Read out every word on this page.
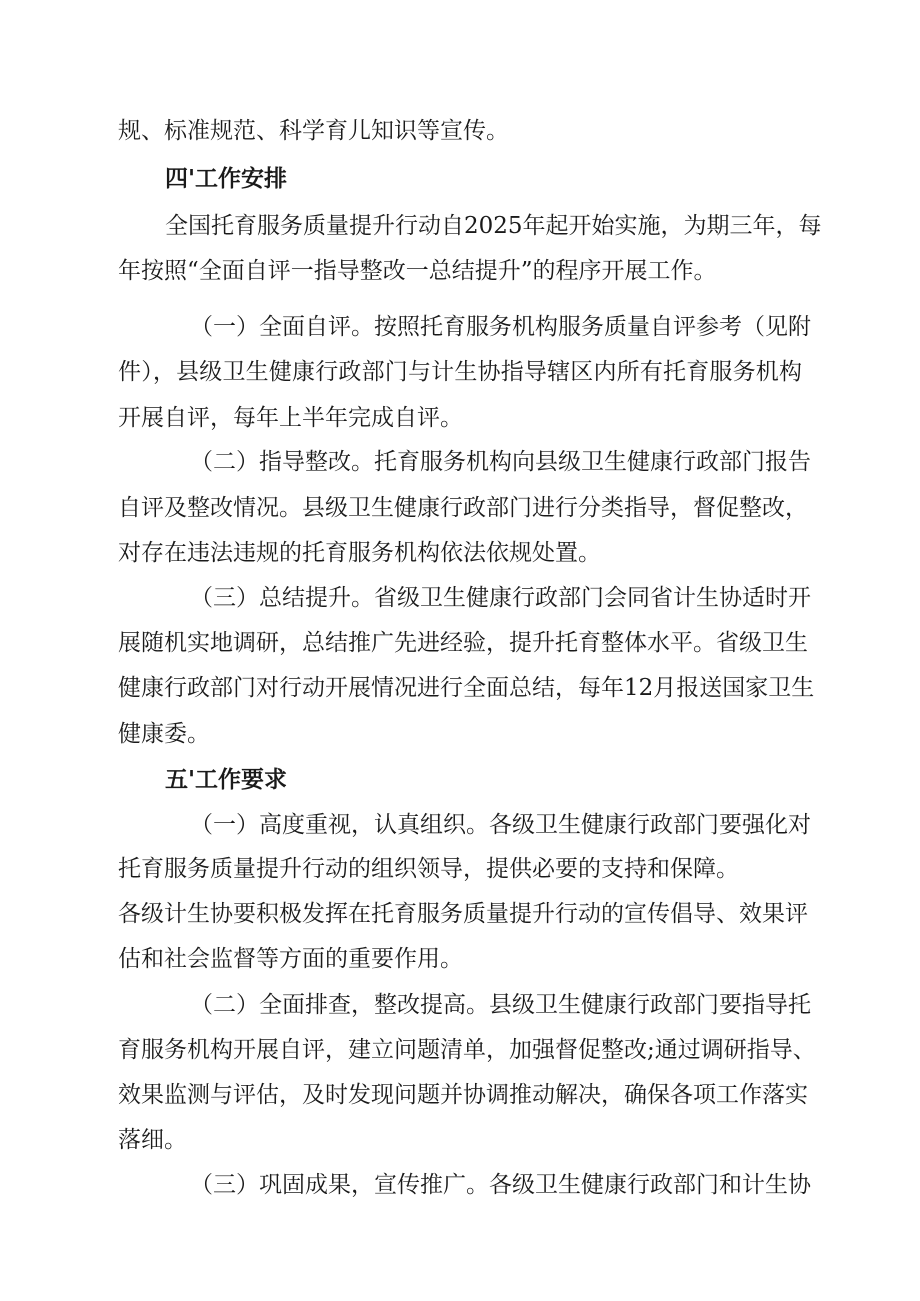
规、标准规范、科学育儿知识等宣传。
四'工作安排
全国托育服务质量提升行动自2025年起开始实施，为期三年，每
年按照“全面自评一指导整改一总结提升”的程序开展工作。
（一）全面自评。按照托育服务机构服务质量自评参考（见附
件），县级卫生健康行政部门与计生协指导辖区内所有托育服务机构
开展自评，每年上半年完成自评。
（二）指导整改。托育服务机构向县级卫生健康行政部门报告
自评及整改情况。县级卫生健康行政部门进行分类指导，督促整改，
对存在违法违规的托育服务机构依法依规处置。
（三）总结提升。省级卫生健康行政部门会同省计生协适时开
展随机实地调研，总结推广先进经验，提升托育整体水平。省级卫生
健康行政部门对行动开展情况进行全面总结，每年12月报送国家卫生
健康委。
五'工作要求
（一）高度重视，认真组织。各级卫生健康行政部门要强化对
托育服务质量提升行动的组织领导，提供必要的支持和保障。
各级计生协要积极发挥在托育服务质量提升行动的宣传倡导、效果评
估和社会监督等方面的重要作用。
（二）全面排查，整改提高。县级卫生健康行政部门要指导托
育服务机构开展自评，建立问题清单，加强督促整改;通过调研指导、
效果监测与评估，及时发现问题并协调推动解决，确保各项工作落实
落细。
（三）巩固成果，宣传推广。各级卫生健康行政部门和计生协
